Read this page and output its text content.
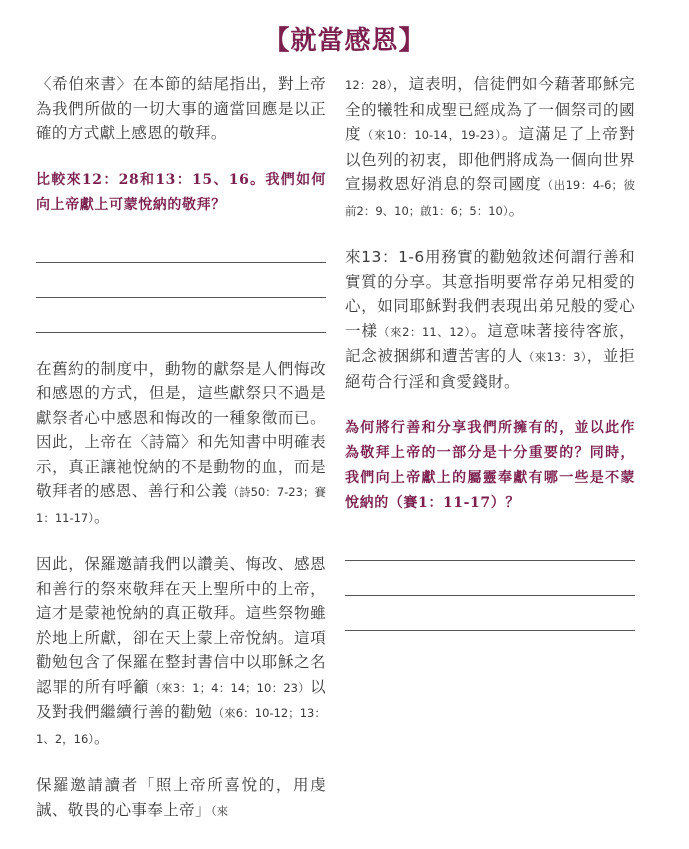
【就當感恩】

〈希伯來書〉在本節的結尾指出，對上帝為我們所做的一切大事的適當回應是以正確的方式獻上感恩的敬拜。

比較來12：28和13：15、16。我們如何向上帝獻上可蒙悅納的敬拜？

在舊約的制度中，動物的獻祭是人們悔改和感恩的方式，但是，這些獻祭只不過是獻祭者心中感恩和悔改的一種象徵而已。因此，上帝在〈詩篇〉和先知書中明確表示，真正讓祂悅納的不是動物的血，而是敬拜者的感恩、善行和公義（詩50：7-23；賽1：11-17）。

因此，保羅邀請我們以讚美、悔改、感恩和善行的祭來敬拜在天上聖所中的上帝，這才是蒙祂悅納的真正敬拜。這些祭物雖於地上所獻，卻在天上蒙上帝悅納。這項勸勉包含了保羅在整封書信中以耶穌之名認罪的所有呼籲（來3：1；4：14；10：23）以及對我們繼續行善的勸勉（來6：10-12；13：1、2，16）。

保羅邀請讀者「照上帝所喜悅的，用虔誠、敬畏的心事奉上帝」（來

12：28），這表明，信徒們如今藉著耶穌完全的犧牲和成聖已經成為了一個祭司的國度（來10：10-14，19-23）。這滿足了上帝對以色列的初衷，即他們將成為一個向世界宣揚救恩好消息的祭司國度（出19：4-6；彼前2：9、10；啟1：6；5：10）。

來13：1-6用務實的勸勉敘述何謂行善和實質的分享。其意指明要常存弟兄相愛的心，如同耶穌對我們表現出弟兄般的愛心一樣（來2：11、12）。這意味著接待客旅，記念被捆綁和遭苦害的人（來13：3），並拒絕苟合行淫和貪愛錢財。

為何將行善和分享我們所擁有的，並以此作為敬拜上帝的一部分是十分重要的？同時，我們向上帝獻上的屬靈奉獻有哪一些是不蒙悅納的（賽1：11-17）？
